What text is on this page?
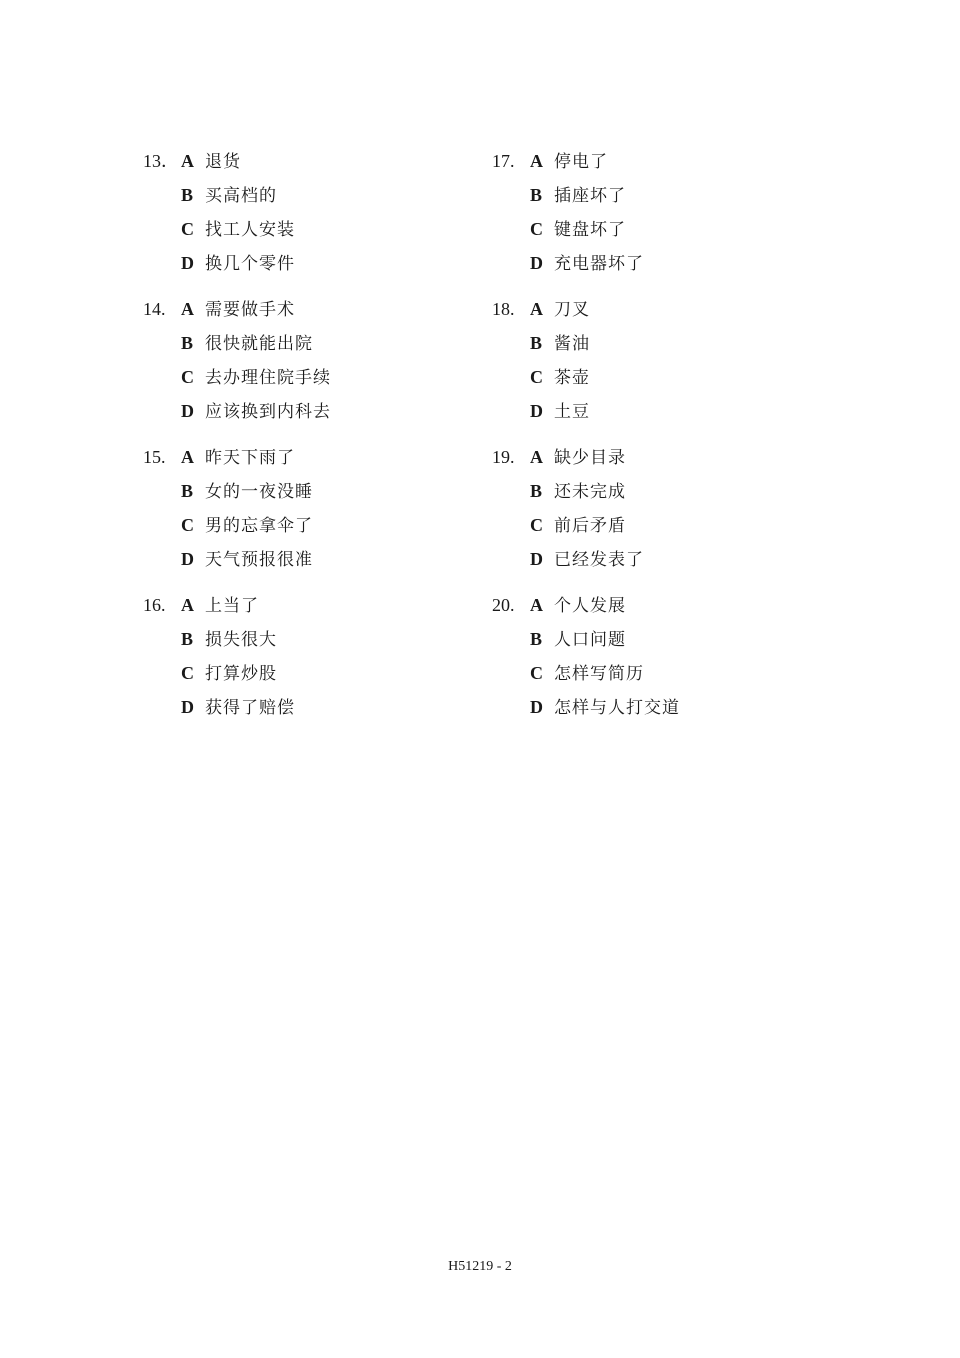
13． A 退货
B 买高档的
C 找工人安装
D 换几个零件
14. A 需要做手术
B 很快就能出院
C 去办理住院手续
D 应该换到内科去
15. A 昨天下雨了
B 女的一夜没睡
C 男的忘拿伞了
D 天气预报很准
16. A 上当了
B 损失很大
C 打算炒股
D 获得了赔偿
17. A 停电了
B 插座坏了
C 键盘坏了
D 充电器坏了
18. A 刀叉
B 酱油
C 茶壶
D 土豆
19. A 缺少目录
B 还未完成
C 前后矛盾
D 已经发表了
20. A 个人发展
B 人口问题
C 怎样写简历
D 怎样与人打交道
H51219 - 2
